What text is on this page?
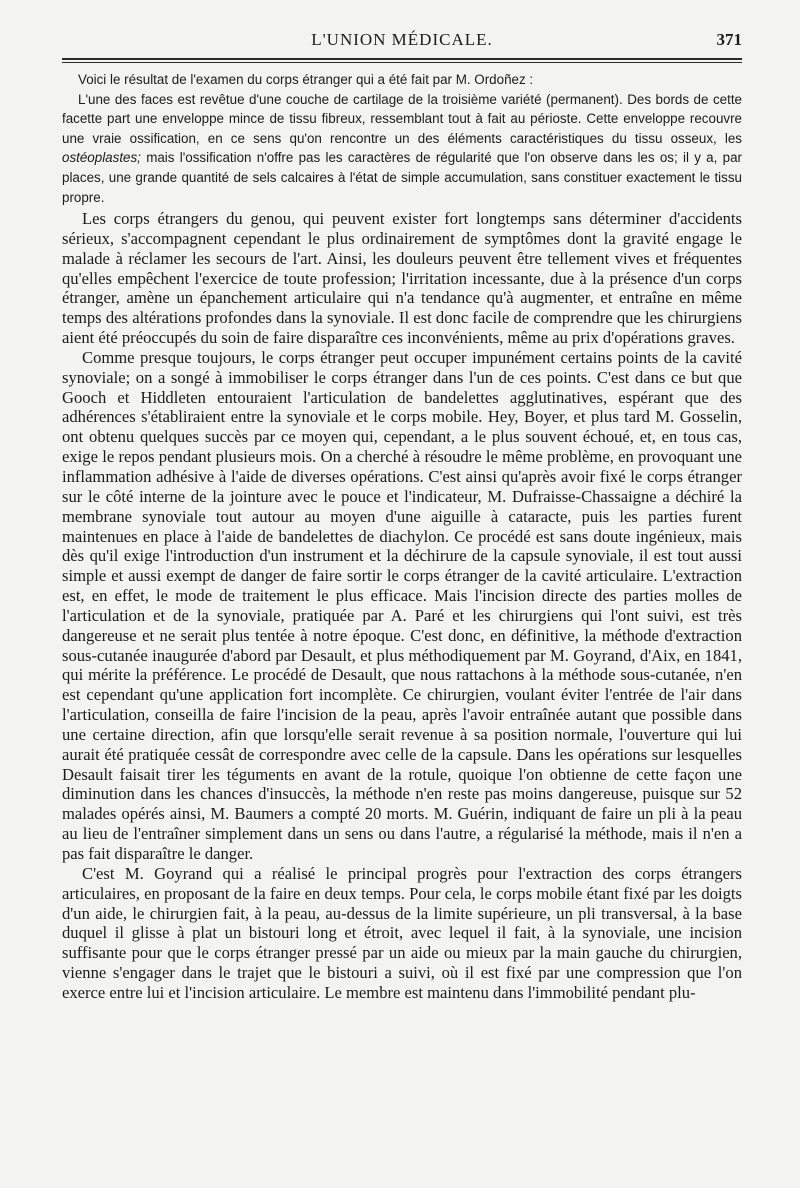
L'UNION MÉDICALE.	371

Voici le résultat de l'examen du corps étranger qui a été fait par M. Ordoñez :

L'une des faces est revêtue d'une couche de cartilage de la troisième variété (permanent). Des bords de cette facette part une enveloppe mince de tissu fibreux, ressemblant tout à fait au périoste. Cette enveloppe recouvre une vraie ossification, en ce sens qu'on rencontre un des éléments caractéristiques du tissu osseux, les ostéoplastes; mais l'ossification n'offre pas les caractères de régularité que l'on observe dans les os; il y a, par places, une grande quantité de sels calcaires à l'état de simple accumulation, sans constituer exactement le tissu propre.

Les corps étrangers du genou, qui peuvent exister fort longtemps sans déterminer d'accidents sérieux, s'accompagnent cependant le plus ordinairement de symptômes dont la gravité engage le malade à réclamer les secours de l'art. Ainsi, les douleurs peuvent être tellement vives et fréquentes qu'elles empêchent l'exercice de toute profession; l'irritation incessante, due à la présence d'un corps étranger, amène un épanchement articulaire qui n'a tendance qu'à augmenter, et entraîne en même temps des altérations profondes dans la synoviale. Il est donc facile de comprendre que les chirurgiens aient été préoccupés du soin de faire disparaître ces inconvénients, même au prix d'opérations graves.

Comme presque toujours, le corps étranger peut occuper impunément certains points de la cavité synoviale; on a songé à immobiliser le corps étranger dans l'un de ces points. C'est dans ce but que Gooch et Hiddleten entouraient l'articulation de bandelettes agglutinatives, espérant que des adhérences s'établiraient entre la synoviale et le corps mobile. Hey, Boyer, et plus tard M. Gosselin, ont obtenu quelques succès par ce moyen qui, cependant, a le plus souvent échoué, et, en tous cas, exige le repos pendant plusieurs mois. On a cherché à résoudre le même problème, en provoquant une inflammation adhésive à l'aide de diverses opérations. C'est ainsi qu'après avoir fixé le corps étranger sur le côté interne de la jointure avec le pouce et l'indicateur, M. Dufraisse-Chassaigne a déchiré la membrane synoviale tout autour au moyen d'une aiguille à cataracte, puis les parties furent maintenues en place à l'aide de bandelettes de diachylon. Ce procédé est sans doute ingénieux, mais dès qu'il exige l'introduction d'un instrument et la déchirure de la capsule synoviale, il est tout aussi simple et aussi exempt de danger de faire sortir le corps étranger de la cavité articulaire. L'extraction est, en effet, le mode de traitement le plus efficace. Mais l'incision directe des parties molles de l'articulation et de la synoviale, pratiquée par A. Paré et les chirurgiens qui l'ont suivi, est très dangereuse et ne serait plus tentée à notre époque. C'est donc, en définitive, la méthode d'extraction sous-cutanée inaugurée d'abord par Desault, et plus méthodiquement par M. Goyrand, d'Aix, en 1841, qui mérite la préférence. Le procédé de Desault, que nous rattachons à la méthode sous-cutanée, n'en est cependant qu'une application fort incomplète. Ce chirurgien, voulant éviter l'entrée de l'air dans l'articulation, conseilla de faire l'incision de la peau, après l'avoir entraînée autant que possible dans une certaine direction, afin que lorsqu'elle serait revenue à sa position normale, l'ouverture qui lui aurait été pratiquée cessât de correspondre avec celle de la capsule. Dans les opérations sur lesquelles Desault faisait tirer les téguments en avant de la rotule, quoique l'on obtienne de cette façon une diminution dans les chances d'insuccès, la méthode n'en reste pas moins dangereuse, puisque sur 52 malades opérés ainsi, M. Baumers a compté 20 morts. M. Guérin, indiquant de faire un pli à la peau au lieu de l'entraîner simplement dans un sens ou dans l'autre, a régularisé la méthode, mais il n'en a pas fait disparaître le danger.

C'est M. Goyrand qui a réalisé le principal progrès pour l'extraction des corps étrangers articulaires, en proposant de la faire en deux temps. Pour cela, le corps mobile étant fixé par les doigts d'un aide, le chirurgien fait, à la peau, au-dessus de la limite supérieure, un pli transversal, à la base duquel il glisse à plat un bistouri long et étroit, avec lequel il fait, à la synoviale, une incision suffisante pour que le corps étranger pressé par un aide ou mieux par la main gauche du chirurgien, vienne s'engager dans le trajet que le bistouri a suivi, où il est fixé par une compression que l'on exerce entre lui et l'incision articulaire. Le membre est maintenu dans l'immobilité pendant plu-
